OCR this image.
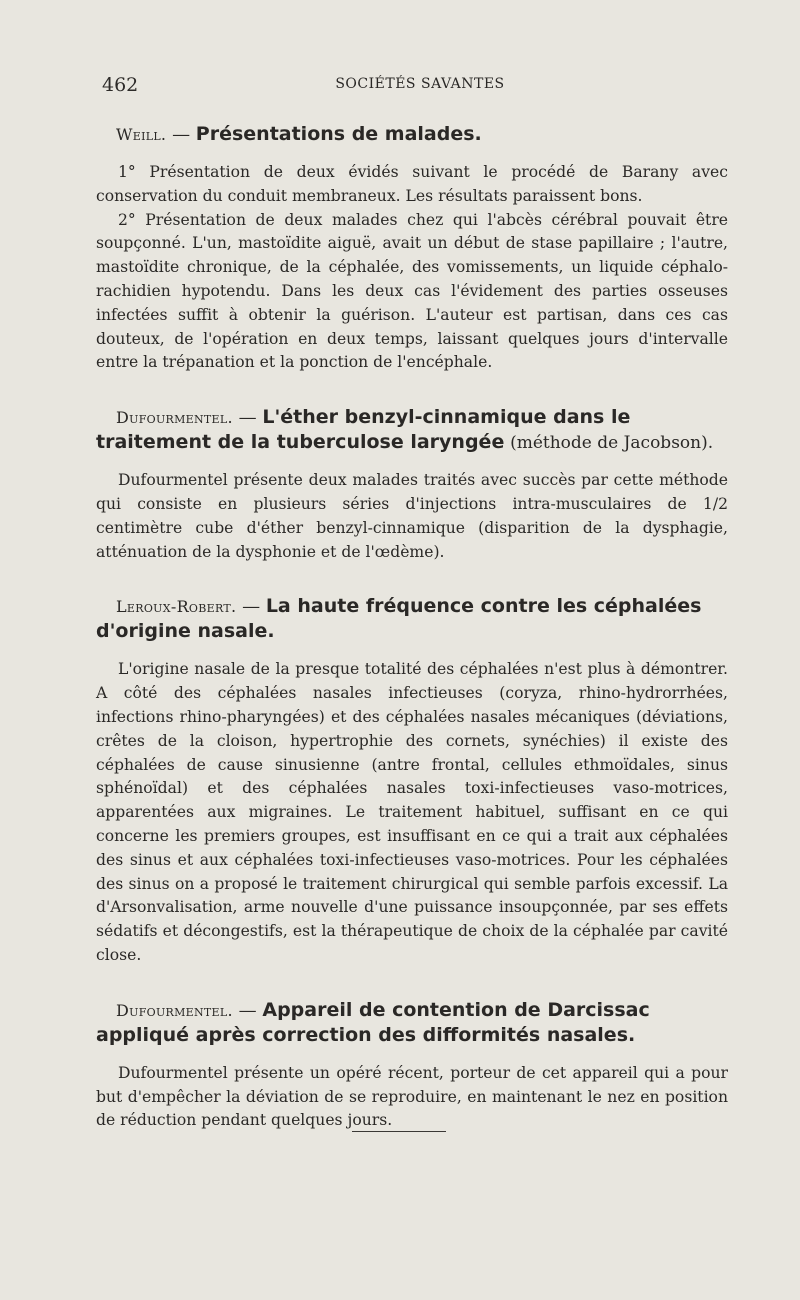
462	SOCIÉTÉS SAVANTES

Weill. — Présentations de malades.

1° Présentation de deux évidés suivant le procédé de Barany avec conservation du conduit membraneux. Les résultats paraissent bons.

2° Présentation de deux malades chez qui l'abcès cérébral pouvait être soupçonné. L'un, mastoïdite aiguë, avait un début de stase papillaire ; l'autre, mastoïdite chronique, de la céphalée, des vomissements, un liquide céphalo-rachidien hypotendu. Dans les deux cas l'évidement des parties osseuses infectées suffit à obtenir la guérison. L'auteur est partisan, dans ces cas douteux, de l'opération en deux temps, laissant quelques jours d'intervalle entre la trépanation et la ponction de l'encéphale.

Dufourmentel. — L'éther benzyl-cinnamique dans le traitement de la tuberculose laryngée (méthode de Jacobson).

Dufourmentel présente deux malades traités avec succès par cette méthode qui consiste en plusieurs séries d'injections intra-musculaires de 1/2 centimètre cube d'éther benzyl-cinnamique (disparition de la dysphagie, atténuation de la dysphonie et de l'œdème).

Leroux-Robert. — La haute fréquence contre les céphalées d'origine nasale.

L'origine nasale de la presque totalité des céphalées n'est plus à démontrer. A côté des céphalées nasales infectieuses (coryza, rhino-hydrorrhées, infections rhino-pharyngées) et des céphalées nasales mécaniques (déviations, crêtes de la cloison, hypertrophie des cornets, synéchies) il existe des céphalées de cause sinusienne (antre frontal, cellules ethmoïdales, sinus sphénoïdal) et des céphalées nasales toxi-infectieuses vaso-motrices, apparentées aux migraines. Le traitement habituel, suffisant en ce qui concerne les premiers groupes, est insuffisant en ce qui a trait aux céphalées des sinus et aux céphalées toxi-infectieuses vaso-motrices. Pour les céphalées des sinus on a proposé le traitement chirurgical qui semble parfois excessif. La d'Arsonvalisation, arme nouvelle d'une puissance insoupçonnée, par ses effets sédatifs et décongestifs, est la thérapeutique de choix de la céphalée par cavité close.

Dufourmentel. — Appareil de contention de Darcissac appliqué après correction des difformités nasales.

Dufourmentel présente un opéré récent, porteur de cet appareil qui a pour but d'empêcher la déviation de se reproduire, en maintenant le nez en position de réduction pendant quelques jours.
